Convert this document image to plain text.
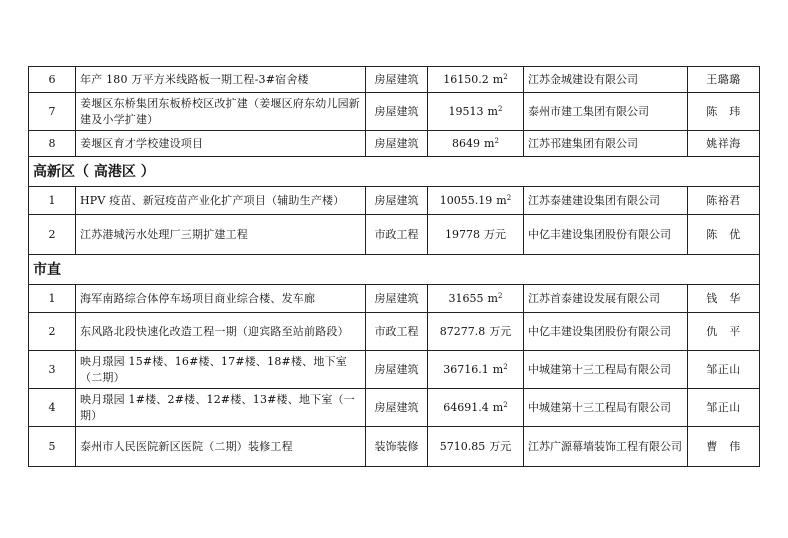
6	年产 180 万平方米线路板一期工程-3#宿舍楼	房屋建筑	16150.2 $m^2$	江苏金城建设有限公司	王璐璐
7	姜堰区东桥集团东板桥校区改扩建（姜堰区府东幼儿园新建及小学扩建）	房屋建筑	19513 $m^2$	泰州市建工集团有限公司	陈　玮
8	姜堰区育才学校建设项目	房屋建筑	8649 $m^2$	江苏邗建集团有限公司	姚祥海
高新区（ 高港区 ）					
1	HPV 疫苗、新冠疫苗产业化扩产项目（辅助生产楼）	房屋建筑	10055.19 $m^2$	江苏泰建建设集团有限公司	陈裕君
2	江苏港城污水处理厂三期扩建工程	市政工程	19778 万元	中亿丰建设集团股份有限公司	陈　优
市直					
1	海军南路综合体停车场项目商业综合楼、发车廊	房屋建筑	31655 $m^2$	江苏首泰建设发展有限公司	钱　华
2	东风路北段快速化改造工程一期（迎宾路至站前路段）	市政工程	87277.8 万元	中亿丰建设集团股份有限公司	仇　平
3	映月璟园 15#楼、16#楼、17#楼、18#楼、地下室（二期）	房屋建筑	36716.1 $m^2$	中城建第十三工程局有限公司	邹正山
4	映月璟园 1#楼、2#楼、12#楼、13#楼、地下室（一期）	房屋建筑	64691.4 $m^2$	中城建第十三工程局有限公司	邹正山
5	泰州市人民医院新区医院（二期）装修工程	装饰装修	5710.85 万元	江苏广源幕墙装饰工程有限公司	曹　伟
